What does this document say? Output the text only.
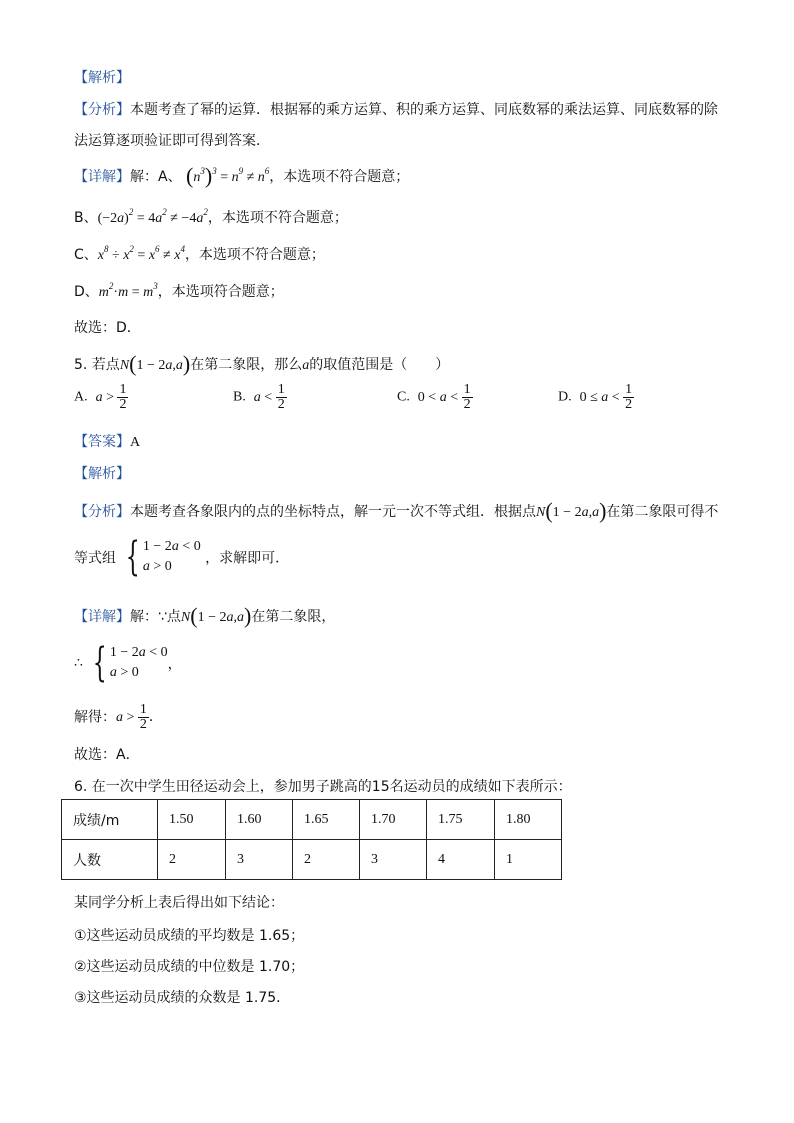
【解析】
【分析】本题考查了幂的运算．根据幂的乘方运算、积的乘方运算、同底数幂的乘法运算、同底数幂的除
法运算逐项验证即可得到答案．
【详解】解：A、 $(n^3)^3 = n^9 \ne n^6$，本选项不符合题意；
B、$(-2a)^2 = 4a^2 \ne -4a^2$，本选项不符合题意；
C、$x^8 \div x^2 = x^6 \ne x^4$，本选项不符合题意；
D、$m^2\cdot m = m^3$，本选项符合题意；
故选：D．
5. 若点N(1 − 2a,a)在第二象限，那么a的取值范围是（　　）
A.  $a > \frac{1}{2}$	B.  $a < \frac{1}{2}$	C. $0 < a < \frac{1}{2}$	D. $0 \le a < \frac{1}{2}$
【答案】A
【解析】
【分析】本题考查各象限内的点的坐标特点，解一元一次不等式组．根据点N(1 − 2a,a)在第二象限可得不
等式组 { 1 − 2a < 0
a > 0
，求解即可．
【详解】解：∵点N(1 − 2a,a)在第二象限，
∴ { 1 − 2a < 0
a > 0
，
解得：$a > \frac{1}{2}$ ．
故选：A．
6. 在一次中学生田径运动会上，参加男子跳高的15名运动员的成绩如下表所示：
成绩/m	1.50	1.60	1.65	1.70	1.75	1.80
人数	2	3	2	3	4	1
某同学分析上表后得出如下结论：
①这些运动员成绩的平均数是 1.65；
②这些运动员成绩的中位数是 1.70；
③这些运动员成绩的众数是 1.75．
